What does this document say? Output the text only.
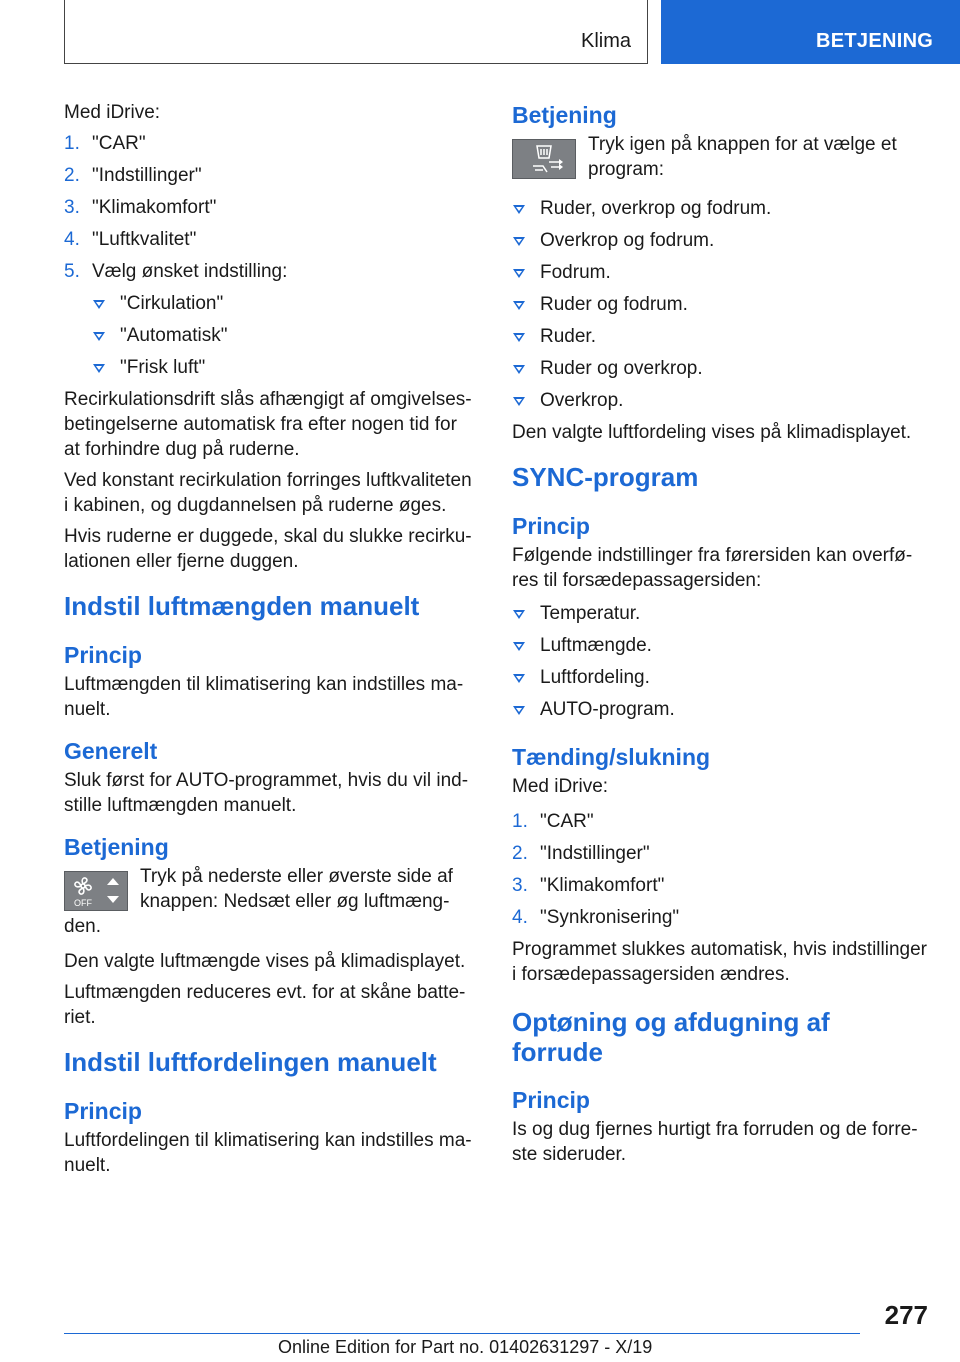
Klima	BETJENING

Med iDrive:

1. "CAR"
2. "Indstillinger"
3. "Klimakomfort"
4. "Luftkvalitet"
5. Vælg ønsket indstilling:
"Cirkulation"
"Automatisk"
"Frisk luft"

Recirkulationsdrift slås afhængigt af omgivelses-betingelserne automatisk fra efter nogen tid for at forhindre dug på ruderne.

Ved konstant recirkulation forringes luftkvaliteten i kabinen, og dugdannelsen på ruderne øges.

Hvis ruderne er duggede, skal du slukke recirku-lationen eller fjerne duggen.

Indstil luftmængden manuelt
Princip

Luftmængden til klimatisering kan indstilles ma-nuelt.

Generelt

Sluk først for AUTO-programmet, hvis du vil ind-stille luftmængden manuelt.

Betjening
OFF

Tryk på nederste eller øverste side af knappen: Nedsæt eller øg luftmæng-den.

Den valgte luftmængde vises på klimadisplayet.

Luftmængden reduceres evt. for at skåne batte-riet.

Indstil luftfordelingen manuelt
Princip

Luftfordelingen til klimatisering kan indstilles ma-nuelt.

Betjening

Tryk igen på knappen for at vælge et program:

Ruder, overkrop og fodrum.
Overkrop og fodrum.
Fodrum.
Ruder og fodrum.
Ruder.
Ruder og overkrop.
Overkrop.

Den valgte luftfordeling vises på klimadisplayet.

SYNC-program
Princip

Følgende indstillinger fra førersiden kan overfø-res til forsædepassagersiden:

Temperatur.
Luftmængde.
Luftfordeling.
AUTO-program.
Tænding/slukning

Med iDrive:

1. "CAR"
2. "Indstillinger"
3. "Klimakomfort"
4. "Synkronisering"

Programmet slukkes automatisk, hvis indstillinger i forsædepassagersiden ændres.

Optøning og afdugning af forrude
Princip

Is og dug fjernes hurtigt fra forruden og de forre-ste sideruder.

277
Online Edition for Part no. 01402631297 - X/19
